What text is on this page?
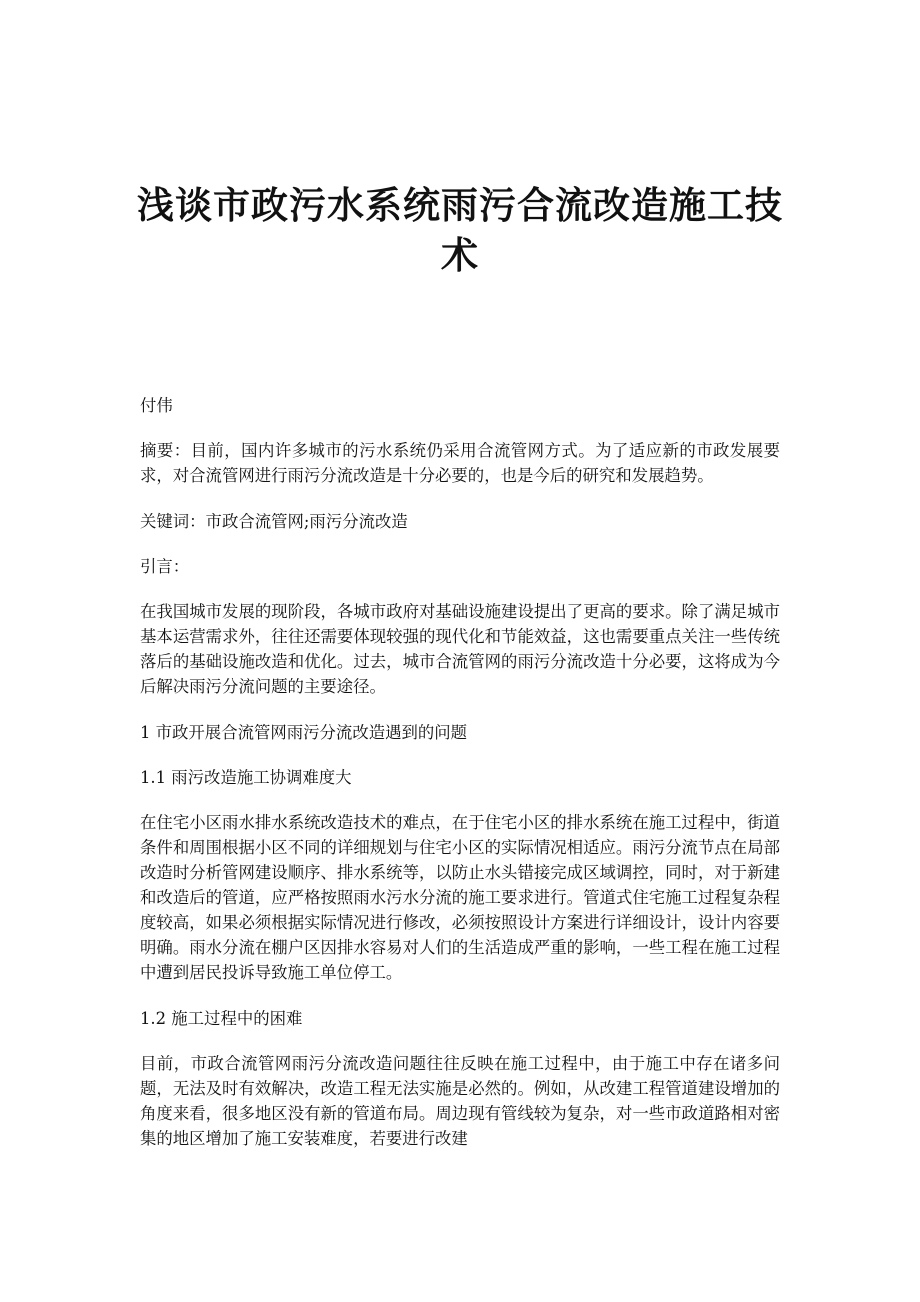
浅谈市政污水系统雨污合流改造施工技术

付伟

摘要：目前，国内许多城市的污水系统仍采用合流管网方式。为了适应新的市政发展要求，对合流管网进行雨污分流改造是十分必要的，也是今后的研究和发展趋势。

关键词：市政合流管网;雨污分流改造

引言：

在我国城市发展的现阶段，各城市政府对基础设施建设提出了更高的要求。除了满足城市基本运营需求外，往往还需要体现较强的现代化和节能效益，这也需要重点关注一些传统落后的基础设施改造和优化。过去，城市合流管网的雨污分流改造十分必要，这将成为今后解决雨污分流问题的主要途径。

1 市政开展合流管网雨污分流改造遇到的问题

1.1 雨污改造施工协调难度大

在住宅小区雨水排水系统改造技术的难点，在于住宅小区的排水系统在施工过程中，街道条件和周围根据小区不同的详细规划与住宅小区的实际情况相适应。雨污分流节点在局部改造时分析管网建设顺序、排水系统等，以防止水头错接完成区域调控，同时，对于新建和改造后的管道，应严格按照雨水污水分流的施工要求进行。管道式住宅施工过程复杂程度较高，如果必须根据实际情况进行修改，必须按照设计方案进行详细设计，设计内容要明确。雨水分流在棚户区因排水容易对人们的生活造成严重的影响，一些工程在施工过程中遭到居民投诉导致施工单位停工。

1.2 施工过程中的困难

目前，市政合流管网雨污分流改造问题往往反映在施工过程中，由于施工中存在诸多问题，无法及时有效解决，改造工程无法实施是必然的。例如，从改建工程管道建设增加的角度来看，很多地区没有新的管道布局。周边现有管线较为复杂，对一些市政道路相对密集的地区增加了施工安装难度，若要进行改建
